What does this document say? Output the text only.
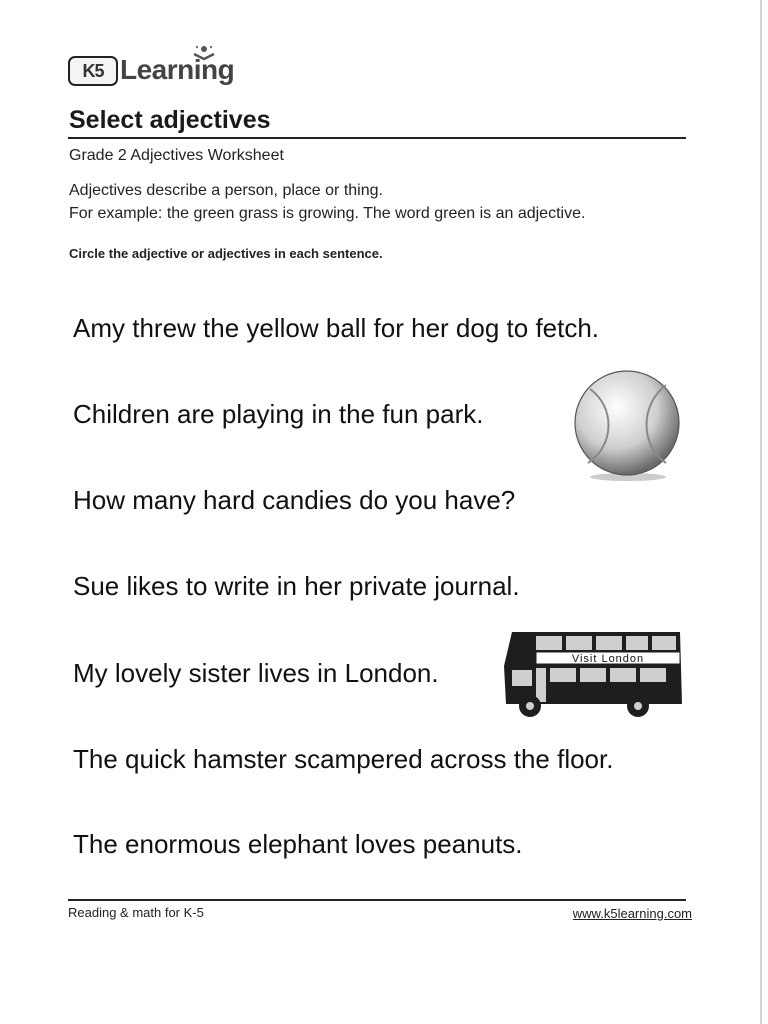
K5 Learning
Select adjectives
Grade 2 Adjectives Worksheet
Adjectives describe a person, place or thing.
For example: the green grass is growing. The word green is an adjective.
Circle the adjective or adjectives in each sentence.
Amy threw the yellow ball for her dog to fetch.
Children are playing in the fun park.
How many hard candies do you have?
Sue likes to write in her private journal.
My lovely sister lives in London.
The quick hamster scampered across the floor.
The enormous elephant loves peanuts.
Visit London
Reading & math for K-5	www.k5learning.com
